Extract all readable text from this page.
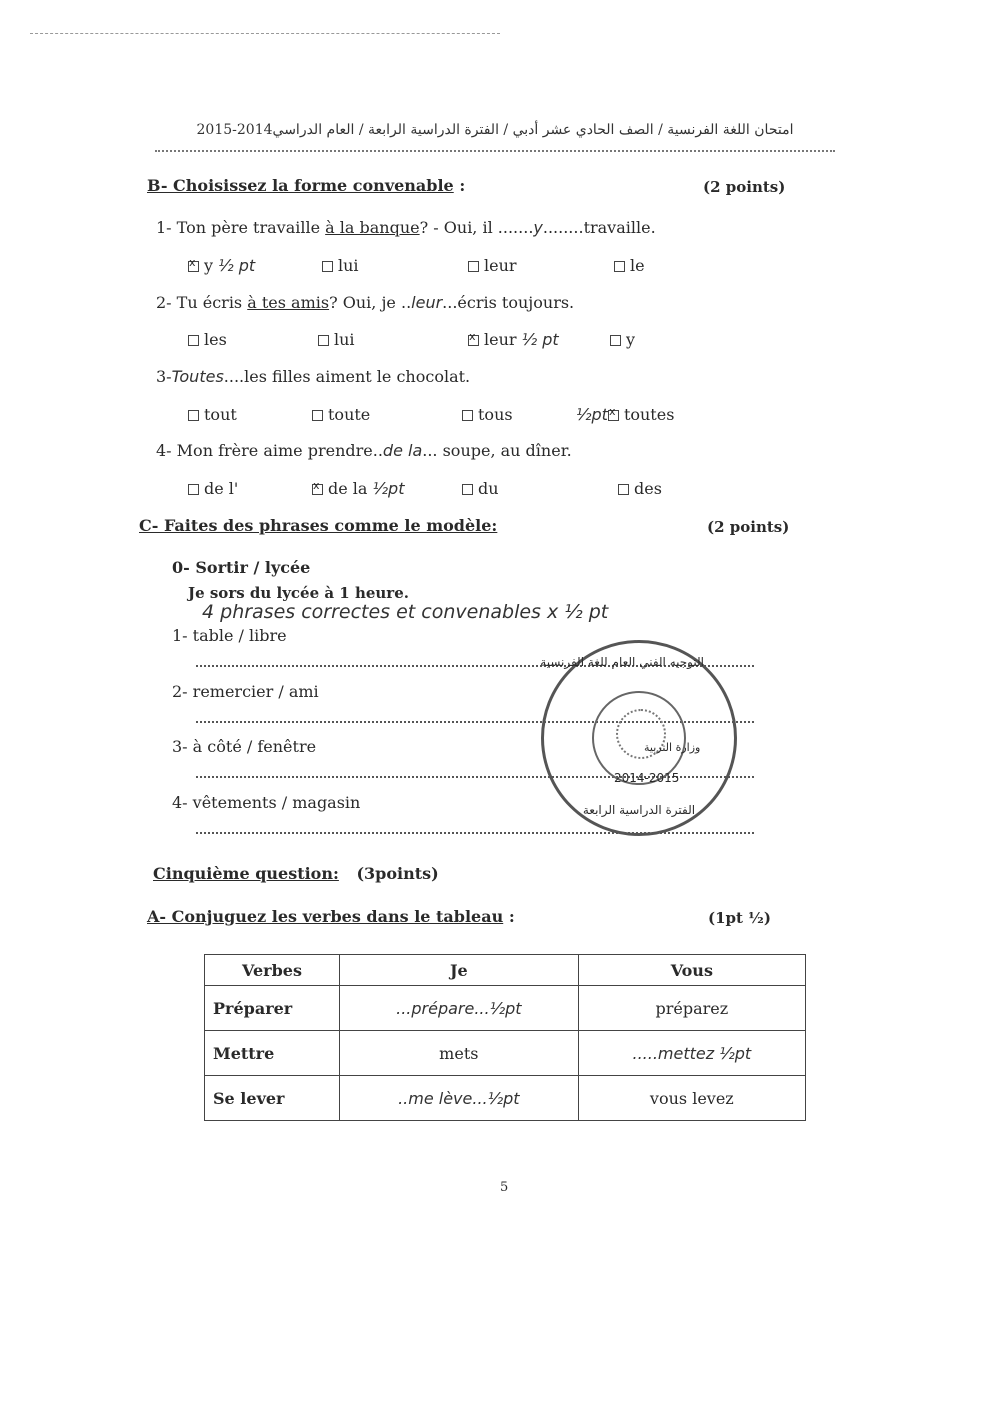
امتحان اللغة الفرنسية / الصف الحادي عشر أدبي / الفترة الدراسية الرابعة / العام الدراسي2014-2015
B- Choisissez la forme convenable :	(2 points)
1- Ton père travaille à la banque? - Oui, il .......y........travaille.
xy ½ pt	lui	leur	le
2- Tu écris à tes amis? Oui, je ..leur...écris toujours.
les	lui x	leur ½ pt	y
3-Toutes....les filles aiment le chocolat.
tout	toute	tous	½pt x toutes
4- Mon frère aime prendre..de la... soupe, au dîner.
de l' x	de la ½pt	du	des
C- Faites des phrases comme le modèle:	(2 points)
0- Sortir / lycée
Je sors du lycée à 1 heure.
4 phrases correctes et convenables x ½ pt
1- table / libre
2- remercier / ami
3- à côté / fenêtre
4- vêtements / magasin
التوجيه الفني العام للغة الفرنسية
وزارة التربية
2014-2015
الفترة الدراسية الرابعة
Cinquième question: (3points)
A- Conjuguez les verbes dans le tableau :	(1pt ½)
Verbes	Je	Vous
Préparer	...prépare...½pt	préparez
Mettre	mets	.....mettez ½pt
Se lever	..me lève...½pt	vous levez
5
